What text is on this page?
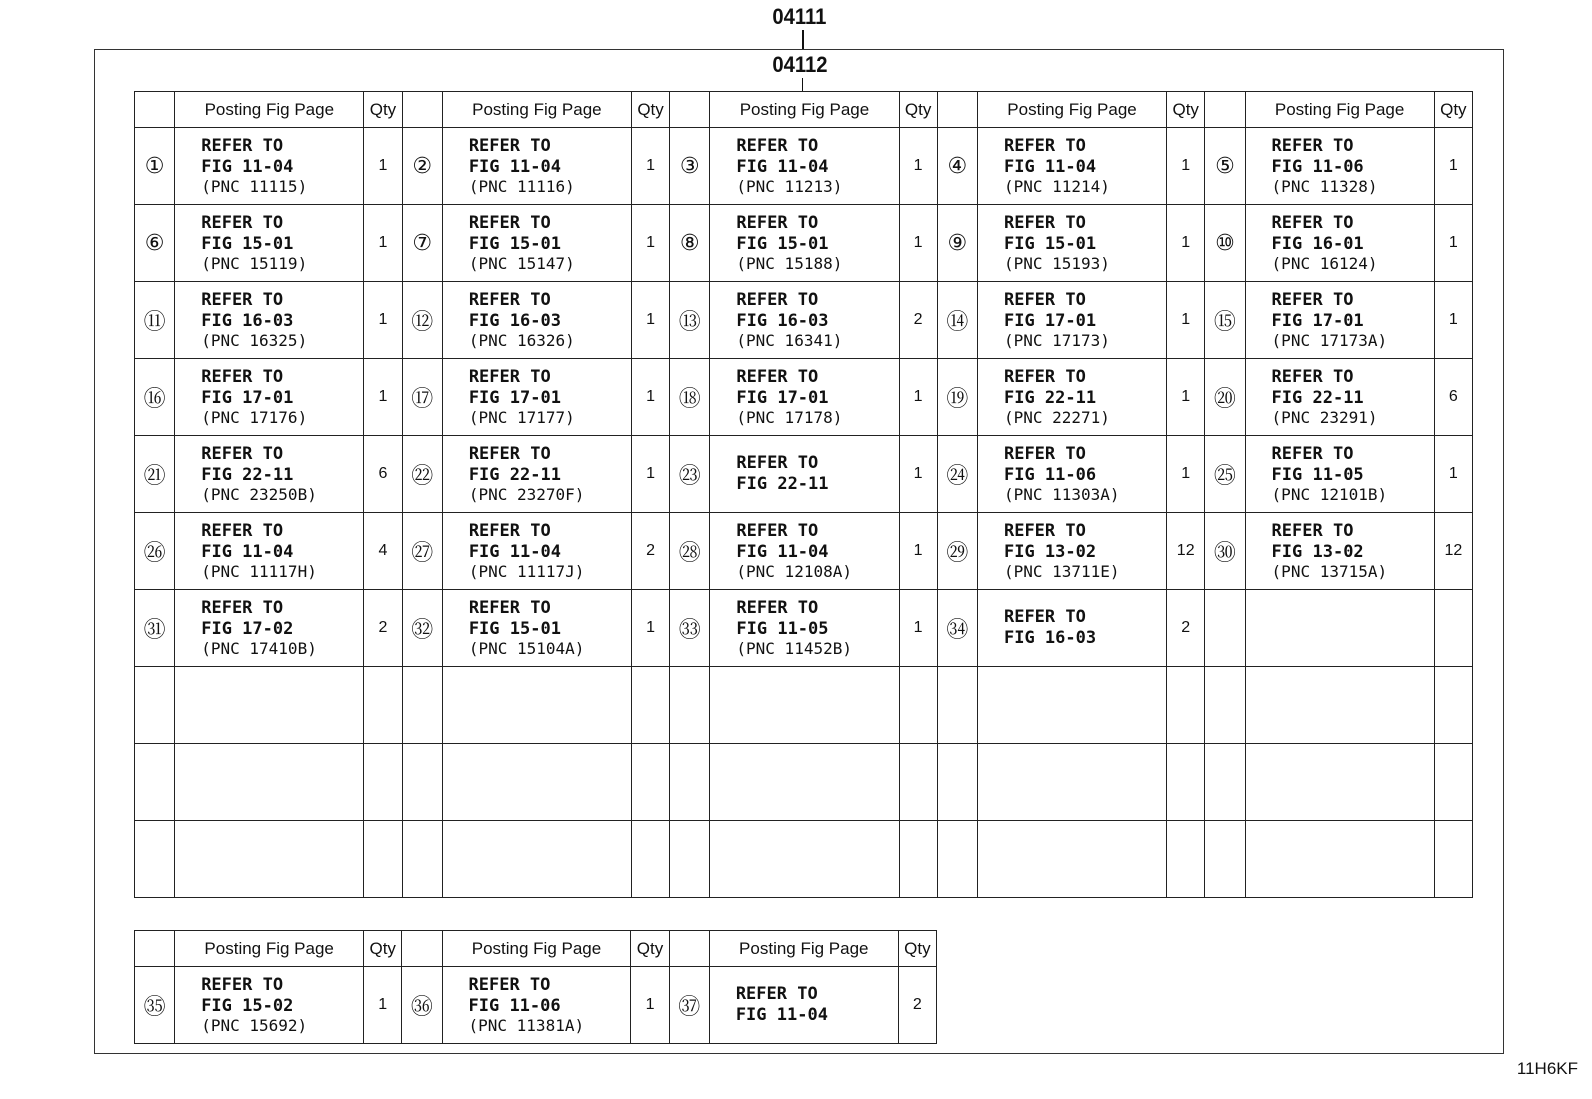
04111
04112
	Posting Fig Page	Qty		Posting Fig Page	Qty		Posting Fig Page	Qty		Posting Fig Page	Qty		Posting Fig Page	Qty
①	REFER TO
FIG 11-04
(PNC 11115)	1	②	REFER TO
FIG 11-04
(PNC 11116)	1	③	REFER TO
FIG 11-04
(PNC 11213)	1	④	REFER TO
FIG 11-04
(PNC 11214)	1	⑤	REFER TO
FIG 11-06
(PNC 11328)	1
⑥	REFER TO
FIG 15-01
(PNC 15119)	1	⑦	REFER TO
FIG 15-01
(PNC 15147)	1	⑧	REFER TO
FIG 15-01
(PNC 15188)	1	⑨	REFER TO
FIG 15-01
(PNC 15193)	1	⑩	REFER TO
FIG 16-01
(PNC 16124)	1
⑪	REFER TO
FIG 16-03
(PNC 16325)	1	⑫	REFER TO
FIG 16-03
(PNC 16326)	1	⑬	REFER TO
FIG 16-03
(PNC 16341)	2	⑭	REFER TO
FIG 17-01
(PNC 17173)	1	⑮	REFER TO
FIG 17-01
(PNC 17173A)	1
⑯	REFER TO
FIG 17-01
(PNC 17176)	1	⑰	REFER TO
FIG 17-01
(PNC 17177)	1	⑱	REFER TO
FIG 17-01
(PNC 17178)	1	⑲	REFER TO
FIG 22-11
(PNC 22271)	1	⑳	REFER TO
FIG 22-11
(PNC 23291)	6
㉑	REFER TO
FIG 22-11
(PNC 23250B)	6	㉒	REFER TO
FIG 22-11
(PNC 23270F)	1	㉓	REFER TO
FIG 22-11	1	㉔	REFER TO
FIG 11-06
(PNC 11303A)	1	㉕	REFER TO
FIG 11-05
(PNC 12101B)	1
㉖	REFER TO
FIG 11-04
(PNC 11117H)	4	㉗	REFER TO
FIG 11-04
(PNC 11117J)	2	㉘	REFER TO
FIG 11-04
(PNC 12108A)	1	㉙	REFER TO
FIG 13-02
(PNC 13711E)	12	㉚	REFER TO
FIG 13-02
(PNC 13715A)	12
㉛	REFER TO
FIG 17-02
(PNC 17410B)	2	㉜	REFER TO
FIG 15-01
(PNC 15104A)	1	㉝	REFER TO
FIG 11-05
(PNC 11452B)	1	㉞	REFER TO
FIG 16-03	2		

	Posting Fig Page	Qty		Posting Fig Page	Qty		Posting Fig Page	Qty
㉟	REFER TO
FIG 15-02
(PNC 15692)	1	㊱	REFER TO
FIG 11-06
(PNC 11381A)	1	㊲	REFER TO
FIG 11-04	2
11H6KF
